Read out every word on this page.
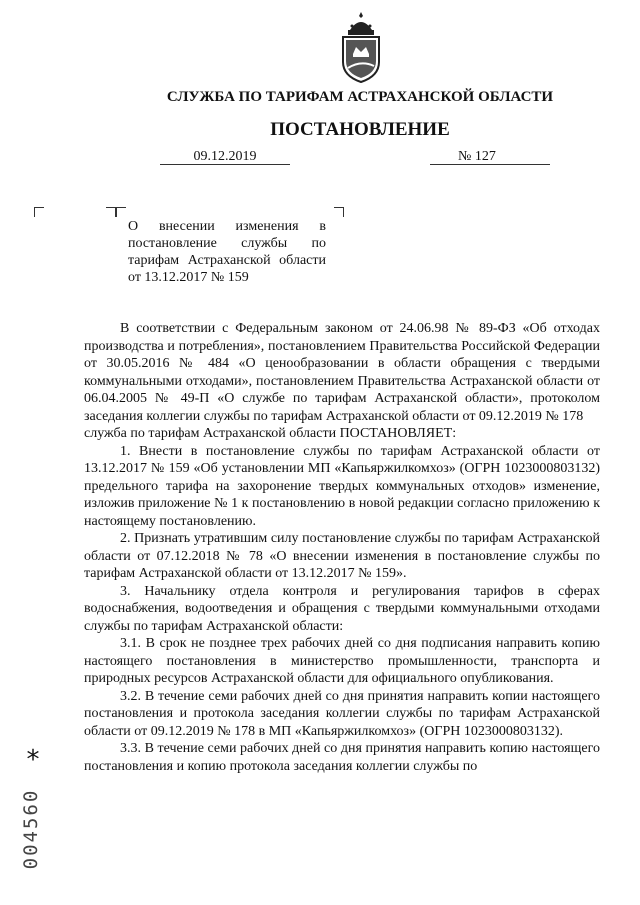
СЛУЖБА ПО ТАРИФАМ АСТРАХАНСКОЙ ОБЛАСТИ
ПОСТАНОВЛЕНИЕ
09.12.2019	№ 127
О внесении изменения в постановление службы по тарифам Астраханской области от 13.12.2017 № 159

В соответствии с Федеральным законом от 24.06.98 № 89-ФЗ «Об отходах производства и потребления», постановлением Правительства Российской Федерации от 30.05.2016 № 484 «О ценообразовании в области обращения с твердыми коммунальными отходами», постановлением Правительства Астраханской области от 06.04.2005 № 49-П «О службе по тарифам Астраханской области», протоколом заседания коллегии службы по тарифам Астраханской области от 09.12.2019 № 178

служба по тарифам Астраханской области ПОСТАНОВЛЯЕТ:

1. Внести в постановление службы по тарифам Астраханской области от 13.12.2017 № 159 «Об установлении МП «Капьяржилкомхоз» (ОГРН 1023000803132) предельного тарифа на захоронение твердых коммунальных отходов» изменение, изложив приложение № 1 к постановлению в новой редакции согласно приложению к настоящему постановлению.

2. Признать утратившим силу постановление службы по тарифам Астраханской области от 07.12.2018 № 78 «О внесении изменения в постановление службы по тарифам Астраханской области от 13.12.2017 № 159».

3. Начальнику отдела контроля и регулирования тарифов в сферах водоснабжения, водоотведения и обращения с твердыми коммунальными отходами службы по тарифам Астраханской области:

3.1. В срок не позднее трех рабочих дней со дня подписания направить копию настоящего постановления в министерство промышленности, транспорта и природных ресурсов Астраханской области для официального опубликования.

3.2. В течение семи рабочих дней со дня принятия направить копии настоящего постановления и протокола заседания коллегии службы по тарифам Астраханской области от 09.12.2019 № 178 в МП «Капьяржилкомхоз» (ОГРН 1023000803132).

3.3. В течение семи рабочих дней со дня принятия направить копию настоящего постановления и копию протокола заседания коллегии службы по

*
004560
